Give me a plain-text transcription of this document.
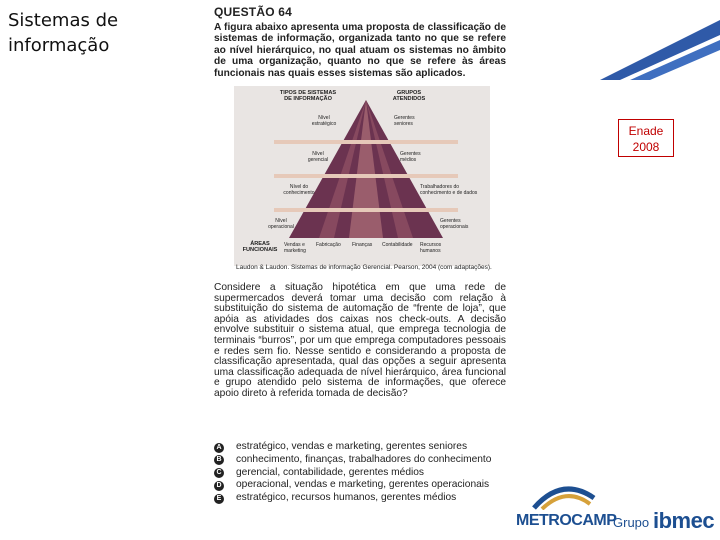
Sistemas de informação
Enade
2008
QUESTÃO 64
A figura abaixo apresenta uma proposta de classificação de sistemas de informação, organizada tanto no que se refere ao nível hierárquico, no qual atuam os sistemas no âmbito de uma organização, quanto no que se refere às áreas funcionais nas quais esses sistemas são aplicados.
TIPOS DE SISTEMAS DE INFORMAÇÃO
GRUPOS ATENDIDOS
Nível estratégico
Nível gerencial
Nível do conhecimento
Nível operacional
Gerentes seniores
Gerentes médios
Trabalhadores do conhecimento e de dados
Gerentes operacionais
ÁREAS FUNCIONAIS
Vendas e marketing
Fabricação	Finanças	Contabilidade	Recursos humanos
Laudon & Laudon. Sistemas de informação Gerencial. Pearson, 2004 (com adaptações).
Considere a situação hipotética em que uma rede de supermercados deverá tomar uma decisão com relação à substituição do sistema de automação de “frente de loja”, que apóia as atividades dos caixas nos check-outs. A decisão envolve substituir o sistema atual, que emprega tecnologia de terminais “burros”, por um que emprega computadores pessoais e redes sem fio. Nesse sentido e considerando a proposta de classificação apresentada, qual das opções a seguir apresenta uma classificação adequada de nível hierárquico, área funcional e grupo atendido pelo sistema de informações, que oferece apoio direto à referida tomada de decisão?
A estratégico, vendas e marketing, gerentes seniores
B conhecimento, finanças, trabalhadores do conhecimento
C gerencial, contabilidade, gerentes médios
D operacional, vendas e marketing, gerentes operacionais
E estratégico, recursos humanos, gerentes médios
METROCAMP
Grupo ibmec
